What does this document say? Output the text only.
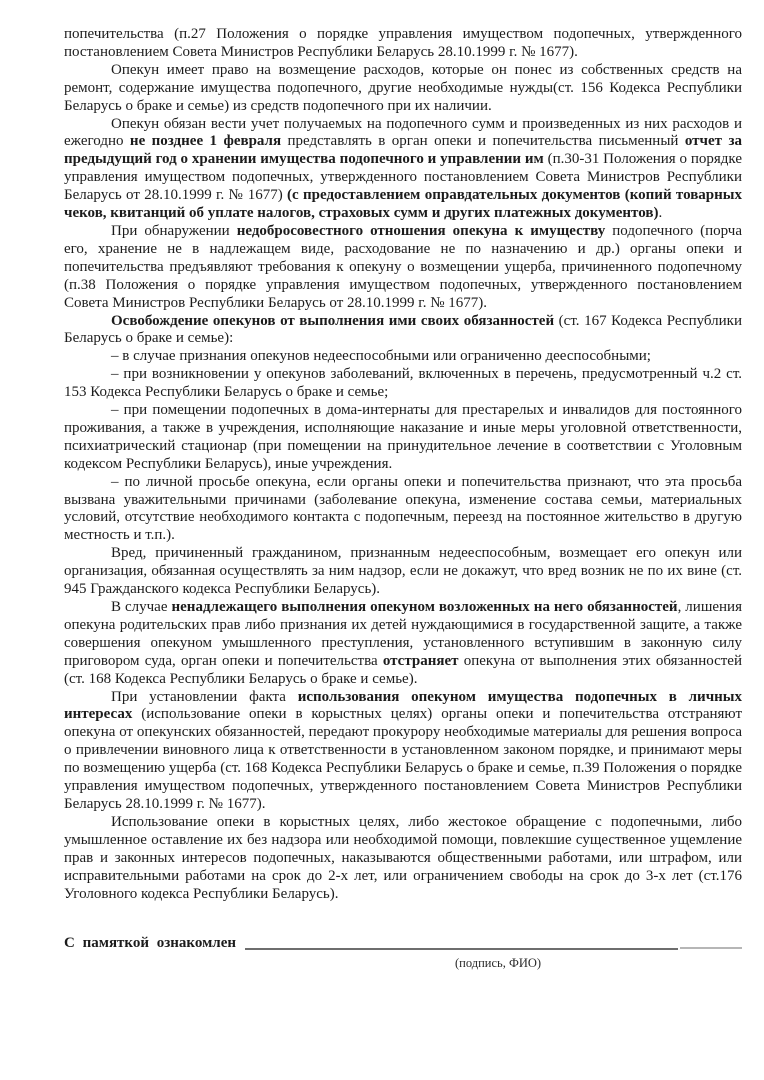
попечительства (п.27 Положения о порядке управления имуществом подопечных, утвержденного постановлением Совета Министров Республики Беларусь 28.10.1999 г. № 1677).

Опекун имеет право на возмещение расходов, которые он понес из собственных средств на ремонт, содержание имущества подопечного, другие необходимые нужды(ст. 156 Кодекса Республики Беларусь о браке и семье) из средств подопечного при их наличии.

Опекун обязан вести учет получаемых на подопечного сумм и произведенных из них расходов и ежегодно не позднее 1 февраля представлять в орган опеки и попечительства письменный отчет за предыдущий год о хранении имущества подопечного и управлении им (п.30-31 Положения о порядке управления имуществом подопечных, утвержденного постановлением Совета Министров Республики Беларусь от 28.10.1999 г. № 1677) (с предоставлением оправдательных документов (копий товарных чеков, квитанций об уплате налогов, страховых сумм и других платежных документов).

При обнаружении недобросовестного отношения опекуна к имуществу подопечного (порча его, хранение не в надлежащем виде, расходование не по назначению и др.) органы опеки и попечительства предъявляют требования к опекуну о возмещении ущерба, причиненного подопечному (п.38 Положения о порядке управления имуществом подопечных, утвержденного постановлением Совета Министров Республики Беларусь от 28.10.1999 г. № 1677).

Освобождение опекунов от выполнения ими своих обязанностей (ст. 167 Кодекса Республики Беларусь о браке и семье):

– в случае признания опекунов недееспособными или ограниченно дееспособными;

– при возникновении у опекунов заболеваний, включенных в перечень, предусмотренный ч.2 ст. 153 Кодекса Республики Беларусь о браке и семье;

– при помещении подопечных в дома-интернаты для престарелых и инвалидов для постоянного проживания, а также в учреждения, исполняющие наказание и иные меры уголовной ответственности, психиатрический стационар (при помещении на принудительное лечение в соответствии с Уголовным кодексом Республики Беларусь), иные учреждения.

– по личной просьбе опекуна, если органы опеки и попечительства признают, что эта просьба вызвана уважительными причинами (заболевание опекуна, изменение состава семьи, материальных условий, отсутствие необходимого контакта с подопечным, переезд на постоянное жительство в другую местность и т.п.).

Вред, причиненный гражданином, признанным недееспособным, возмещает его опекун или организация, обязанная осуществлять за ним надзор, если не докажут, что вред возник не по их вине (ст. 945 Гражданского кодекса Республики Беларусь).

В случае ненадлежащего выполнения опекуном возложенных на него обязанностей, лишения опекуна родительских прав либо признания их детей нуждающимися в государственной защите, а также совершения опекуном умышленного преступления, установленного вступившим в законную силу приговором суда, орган опеки и попечительства отстраняет опекуна от выполнения этих обязанностей (ст. 168 Кодекса Республики Беларусь о браке и семье).

При установлении факта использования опекуном имущества подопечных в личных интересах (использование опеки в корыстных целях) органы опеки и попечительства отстраняют опекуна от опекунских обязанностей, передают прокурору необходимые материалы для решения вопроса о привлечении виновного лица к ответственности в установленном законом порядке, и принимают меры по возмещению ущерба (ст. 168 Кодекса Республики Беларусь о браке и семье, п.39 Положения о порядке управления имуществом подопечных, утвержденного постановлением Совета Министров Республики Беларусь 28.10.1999 г. № 1677).

Использование опеки в корыстных целях, либо жестокое обращение с подопечными, либо умышленное оставление их без надзора или необходимой помощи, повлекшие существенное ущемление прав и законных интересов подопечных, наказываются общественными работами, или штрафом, или исправительными работами на срок до 2-х лет, или ограничением свободы на срок до 3-х лет (ст.176 Уголовного кодекса Республики Беларусь).

С памяткой ознакомлен
(подпись, ФИО)
